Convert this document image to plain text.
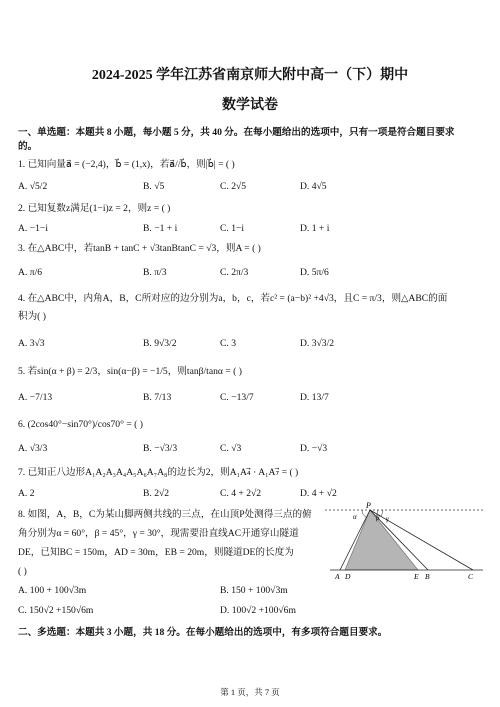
2024-2025 学年江苏省南京师大附中高一（下）期中
数学试卷
一、单选题：本题共 8 小题，每小题 5 分，共 40 分。在每小题给出的选项中，只有一项是符合题目要求
的。
1. 已知向量a⃗ = (−2,4)，b⃗ = (1,x)，若a⃗//b⃗，则|b⃗| = ( )
A. √5/2	B. √5	C. 2√5	D. 4√5
2. 已知复数z满足(1−i)z = 2，则z = ( )
A. −1−i	B. −1 + i	C. 1−i	D. 1 + i
3. 在△ABC中，若tanB + tanC + √3tanBtanC = √3，则A = ( )
A. π/6	B. π/3	C. 2π/3	D. 5π/6
4. 在△ABC中，内角A，B，C所对应的边分别为a，b，c，若c² = (a−b)² +4√3，且C = π/3，则△ABC的面
积为( )
A. 3√3	B. 9√3/2	C. 3	D. 3√3/2
5. 若sin(α + β) = 2/3，sin(α−β) = −1/5，则tanβ/tanα = ( )
A. −7/13	B. 7/13	C. −13/7	D. 13/7
6. (2cos40°−sin70°)/cos70° = ( )
A. √3/3	B. −√3/3	C. √3	D. −√3
7. 已知正八边形A₁A₂A₃A₄A₅A₆A₇A₈的边长为2，则A₁A₄⃗ · A₁A₇⃗ = ( )
A. 2	B. 2√2	C. 4 + 2√2	D. 4 + √2
8. 如图，A，B，C为某山脚两侧共线的三点，在山顶P处测得三点的俯
角分别为α = 60°，β = 45°，γ = 30°，现需要沿直线AC开通穿山隧道
DE，已知BC = 150m，AD = 30m，EB = 20m，则隧道DE的长度为
( )
A. 100 + 100√3m	B. 150 + 100√3m
C. 150√2 +150√6m	D. 100√2 +100√6m
P
α	β γ
A D	E B	C
二、多选题：本题共 3 小题，共 18 分。在每小题给出的选项中，有多项符合题目要求。
第 1 页，共 7 页
